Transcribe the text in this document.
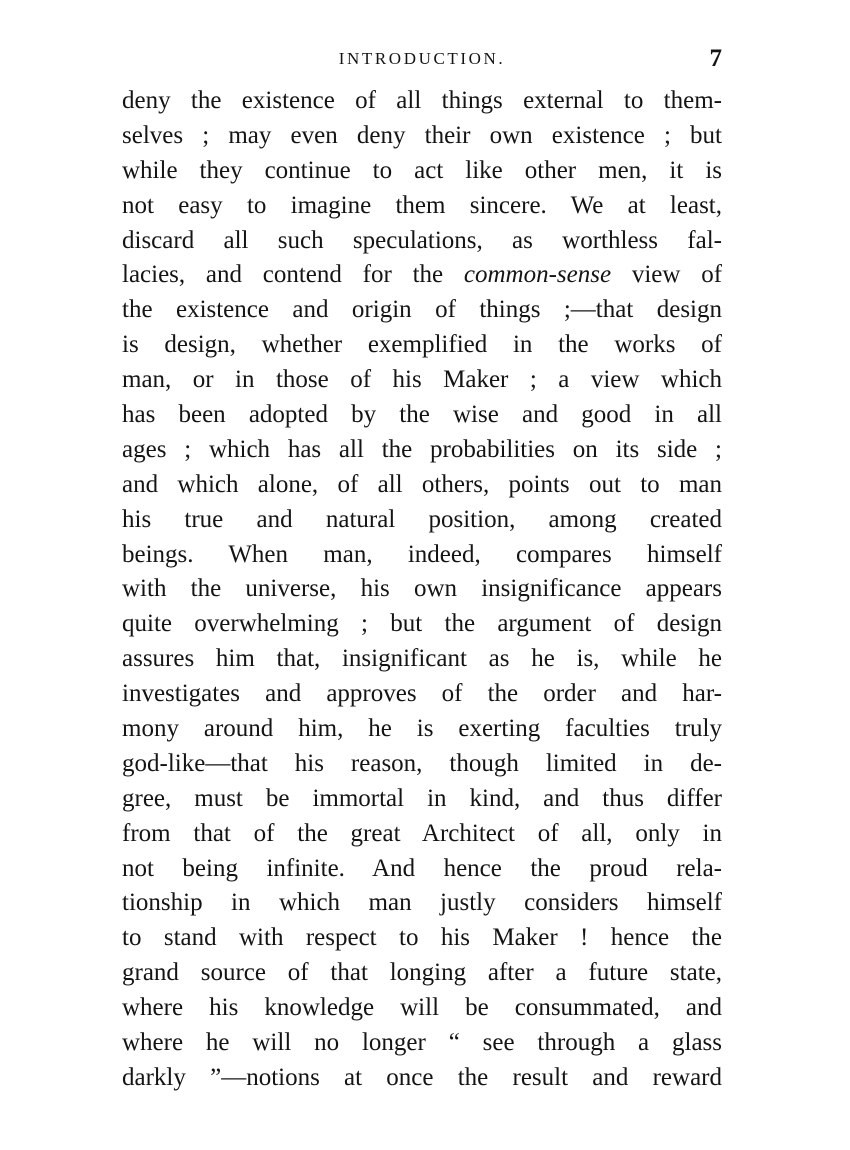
INTRODUCTION.	7
deny the existence of all things external to them-
selves ; may even deny their own existence ; but
while they continue to act like other men, it is
not easy to imagine them sincere. We at least,
discard all such speculations, as worthless fal-
lacies, and contend for the common-sense view of
the existence and origin of things ;—that design
is design, whether exemplified in the works of
man, or in those of his Maker ; a view which
has been adopted by the wise and good in all
ages ; which has all the probabilities on its side ;
and which alone, of all others, points out to man
his true and natural position, among created
beings. When man, indeed, compares himself
with the universe, his own insignificance appears
quite overwhelming ; but the argument of design
assures him that, insignificant as he is, while he
investigates and approves of the order and har-
mony around him, he is exerting faculties truly
god-like—that his reason, though limited in de-
gree, must be immortal in kind, and thus differ
from that of the great Architect of all, only in
not being infinite. And hence the proud rela-
tionship in which man justly considers himself
to stand with respect to his Maker ! hence the
grand source of that longing after a future state,
where his knowledge will be consummated, and
where he will no longer “ see through a glass
darkly ”—notions at once the result and reward
